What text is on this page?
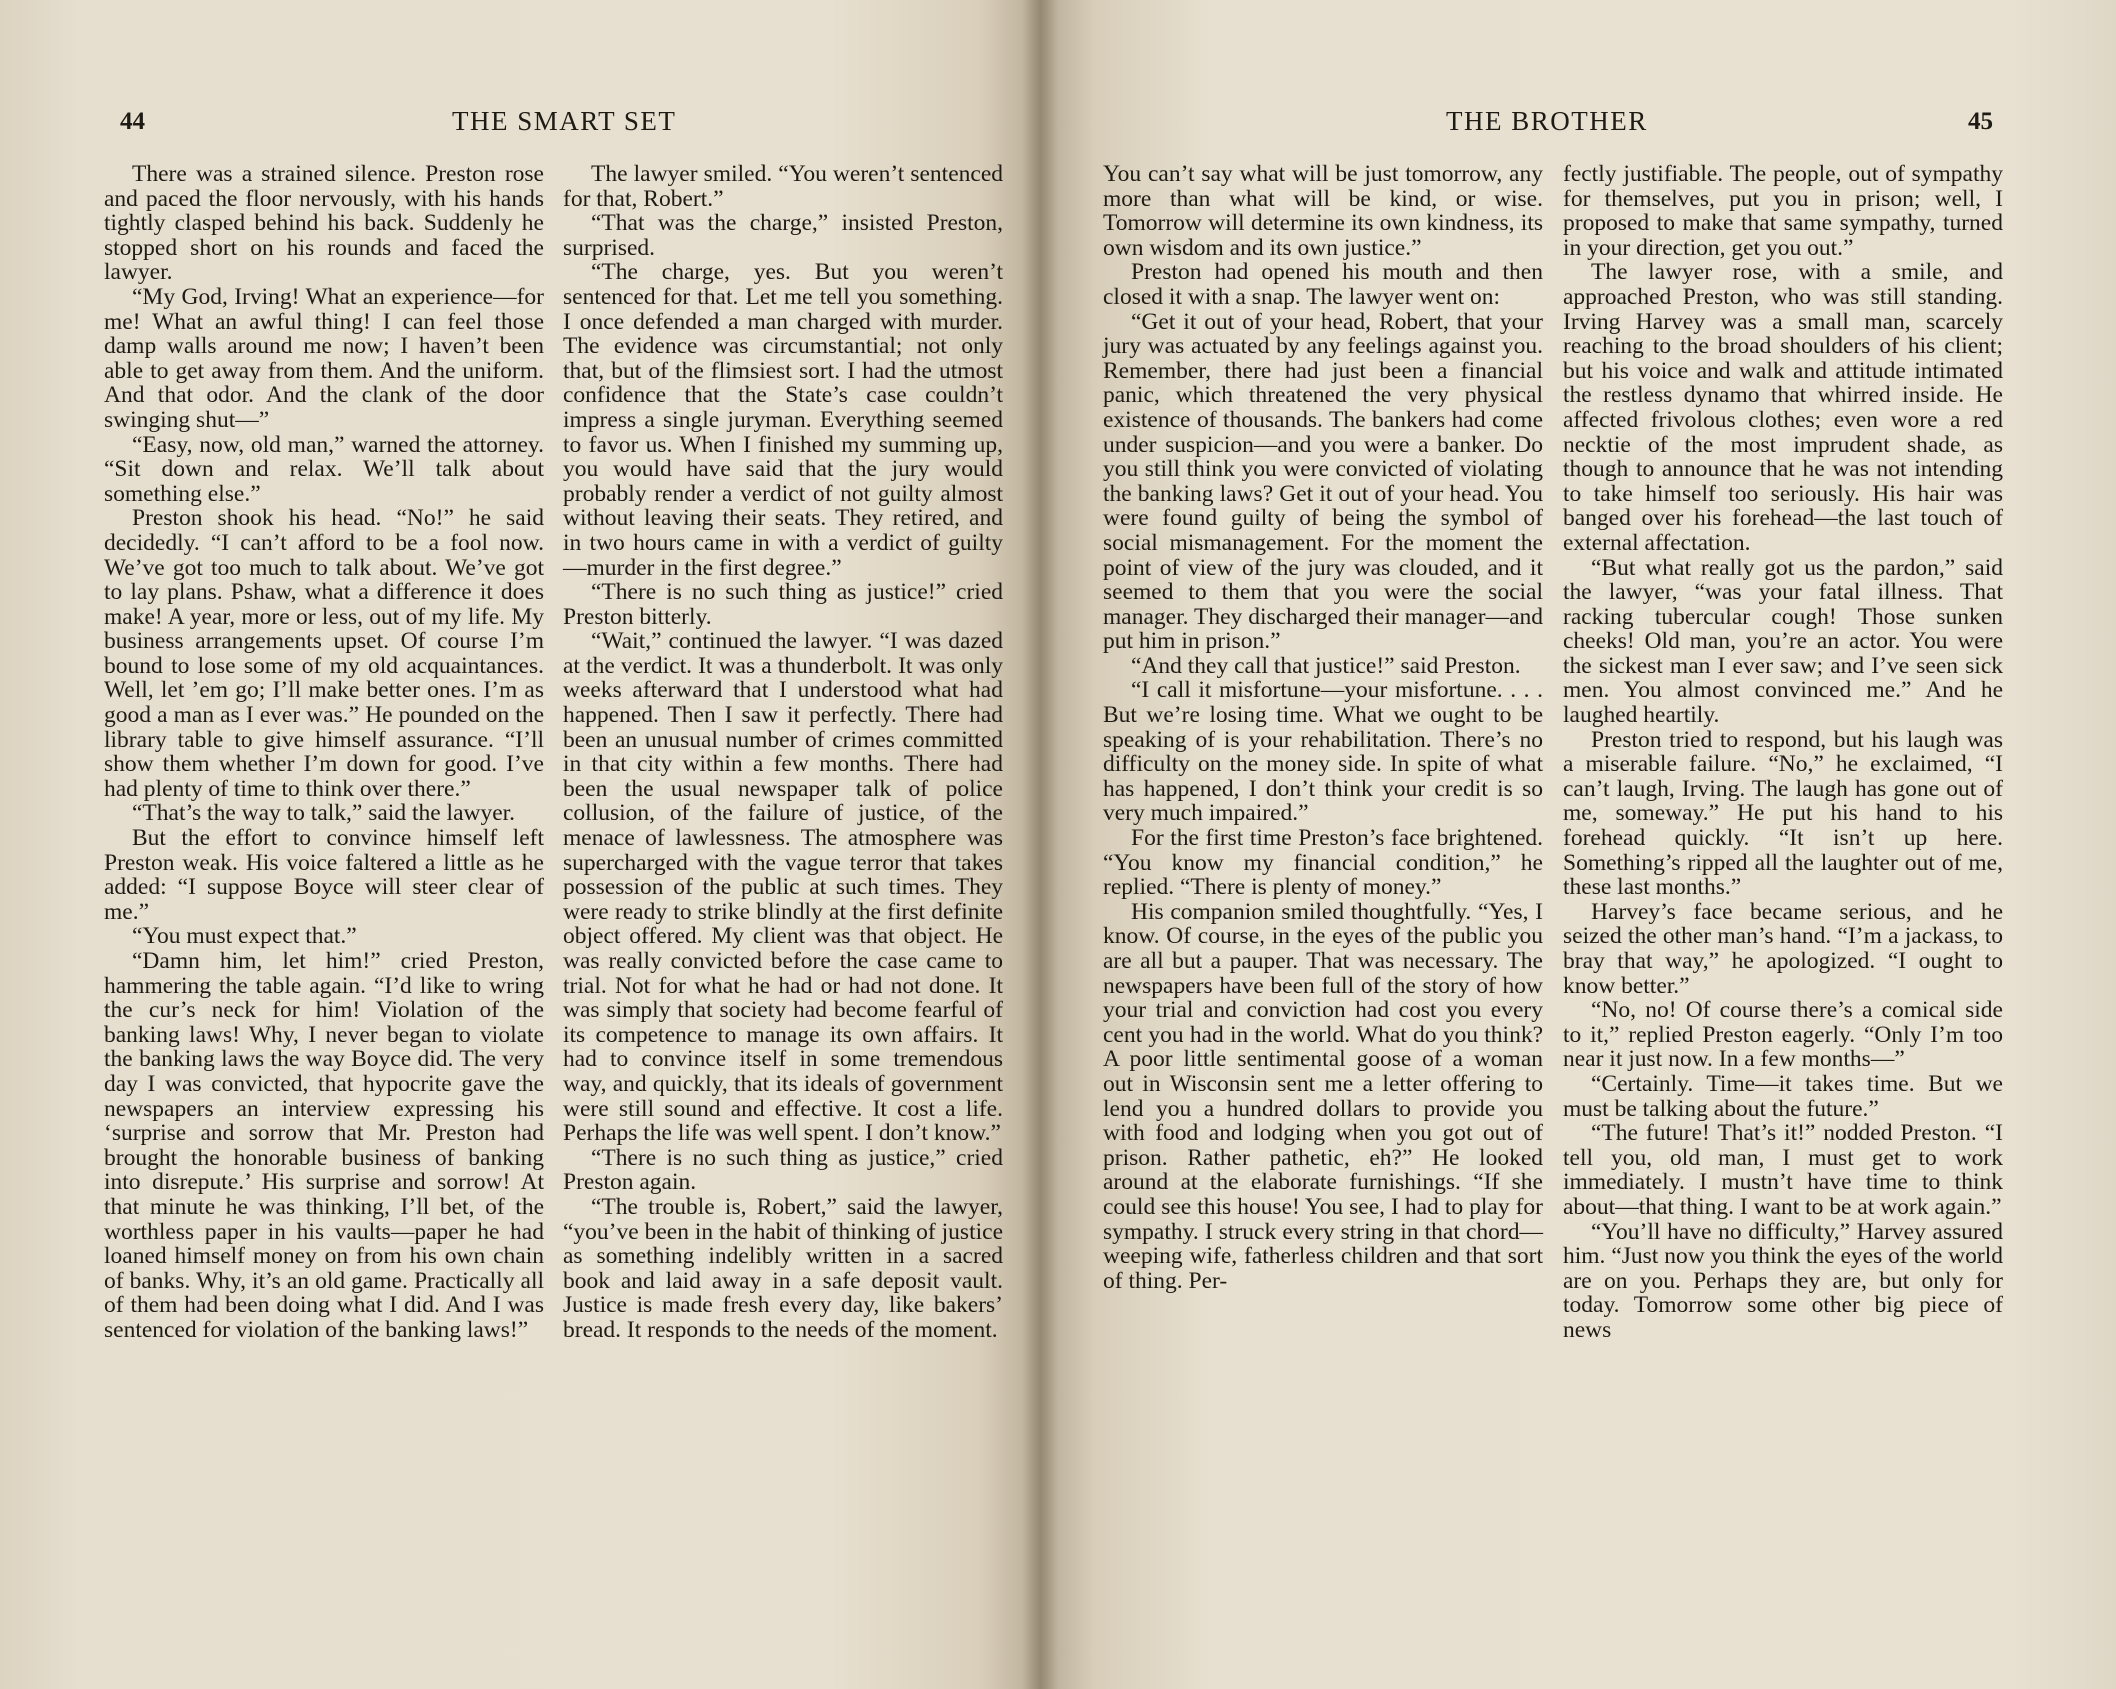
44	THE SMART SET

There was a strained silence. Preston rose and paced the floor nervously, with his hands tightly clasped behind his back. Suddenly he stopped short on his rounds and faced the lawyer.

“My God, Irving! What an experience—for me! What an awful thing! I can feel those damp walls around me now; I haven’t been able to get away from them. And the uniform. And that odor. And the clank of the door swinging shut—”

“Easy, now, old man,” warned the attorney. “Sit down and relax. We’ll talk about something else.”

Preston shook his head. “No!” he said decidedly. “I can’t afford to be a fool now. We’ve got too much to talk about. We’ve got to lay plans. Pshaw, what a difference it does make! A year, more or less, out of my life. My business arrangements upset. Of course I’m bound to lose some of my old acquaintances. Well, let ’em go; I’ll make better ones. I’m as good a man as I ever was.” He pounded on the library table to give himself assurance. “I’ll show them whether I’m down for good. I’ve had plenty of time to think over there.”

“That’s the way to talk,” said the lawyer.

But the effort to convince himself left Preston weak. His voice faltered a little as he added: “I suppose Boyce will steer clear of me.”

“You must expect that.”

“Damn him, let him!” cried Preston, hammering the table again. “I’d like to wring the cur’s neck for him! Violation of the banking laws! Why, I never began to violate the banking laws the way Boyce did. The very day I was convicted, that hypocrite gave the newspapers an interview expressing his ‘surprise and sorrow that Mr. Preston had brought the honorable business of banking into disrepute.’ His surprise and sorrow! At that minute he was thinking, I’ll bet, of the worthless paper in his vaults—paper he had loaned himself money on from his own chain of banks. Why, it’s an old game. Practically all of them had been doing what I did. And I was sentenced for violation of the banking laws!”

The lawyer smiled. “You weren’t sentenced for that, Robert.”

“That was the charge,” insisted Preston, surprised.

“The charge, yes. But you weren’t sentenced for that. Let me tell you something. I once defended a man charged with murder. The evidence was circumstantial; not only that, but of the flimsiest sort. I had the utmost confidence that the State’s case couldn’t impress a single juryman. Everything seemed to favor us. When I finished my summing up, you would have said that the jury would probably render a verdict of not guilty almost without leaving their seats. They retired, and in two hours came in with a verdict of guilty—murder in the first degree.”

“There is no such thing as justice!” cried Preston bitterly.

“Wait,” continued the lawyer. “I was dazed at the verdict. It was a thunderbolt. It was only weeks afterward that I understood what had happened. Then I saw it perfectly. There had been an unusual number of crimes committed in that city within a few months. There had been the usual newspaper talk of police collusion, of the failure of justice, of the menace of lawlessness. The atmosphere was supercharged with the vague terror that takes possession of the public at such times. They were ready to strike blindly at the first definite object offered. My client was that object. He was really convicted before the case came to trial. Not for what he had or had not done. It was simply that society had become fearful of its competence to manage its own affairs. It had to convince itself in some tremendous way, and quickly, that its ideals of government were still sound and effective. It cost a life. Perhaps the life was well spent. I don’t know.”

“There is no such thing as justice,” cried Preston again.

“The trouble is, Robert,” said the lawyer, “you’ve been in the habit of thinking of justice as something indelibly written in a sacred book and laid away in a safe deposit vault. Justice is made fresh every day, like bakers’ bread. It responds to the needs of the moment.

45
THE BROTHER

You can’t say what will be just tomorrow, any more than what will be kind, or wise. Tomorrow will determine its own kindness, its own wisdom and its own justice.”

Preston had opened his mouth and then closed it with a snap. The lawyer went on:

“Get it out of your head, Robert, that your jury was actuated by any feelings against you. Remember, there had just been a financial panic, which threatened the very physical existence of thousands. The bankers had come under suspicion—and you were a banker. Do you still think you were convicted of violating the banking laws? Get it out of your head. You were found guilty of being the symbol of social mismanagement. For the moment the point of view of the jury was clouded, and it seemed to them that you were the social manager. They discharged their manager—and put him in prison.”

“And they call that justice!” said Preston.

“I call it misfortune—your misfortune. . . . But we’re losing time. What we ought to be speaking of is your rehabilitation. There’s no difficulty on the money side. In spite of what has happened, I don’t think your credit is so very much impaired.”

For the first time Preston’s face brightened. “You know my financial condition,” he replied. “There is plenty of money.”

His companion smiled thoughtfully. “Yes, I know. Of course, in the eyes of the public you are all but a pauper. That was necessary. The newspapers have been full of the story of how your trial and conviction had cost you every cent you had in the world. What do you think? A poor little sentimental goose of a woman out in Wisconsin sent me a letter offering to lend you a hundred dollars to provide you with food and lodging when you got out of prison. Rather pathetic, eh?” He looked around at the elaborate furnishings. “If she could see this house! You see, I had to play for sympathy. I struck every string in that chord—weeping wife, fatherless children and that sort of thing. Per-

fectly justifiable. The people, out of sympathy for themselves, put you in prison; well, I proposed to make that same sympathy, turned in your direction, get you out.”

The lawyer rose, with a smile, and approached Preston, who was still standing. Irving Harvey was a small man, scarcely reaching to the broad shoulders of his client; but his voice and walk and attitude intimated the restless dynamo that whirred inside. He affected frivolous clothes; even wore a red necktie of the most imprudent shade, as though to announce that he was not intending to take himself too seriously. His hair was banged over his forehead—the last touch of external affectation.

“But what really got us the pardon,” said the lawyer, “was your fatal illness. That racking tubercular cough! Those sunken cheeks! Old man, you’re an actor. You were the sickest man I ever saw; and I’ve seen sick men. You almost convinced me.” And he laughed heartily.

Preston tried to respond, but his laugh was a miserable failure. “No,” he exclaimed, “I can’t laugh, Irving. The laugh has gone out of me, someway.” He put his hand to his forehead quickly. “It isn’t up here. Something’s ripped all the laughter out of me, these last months.”

Harvey’s face became serious, and he seized the other man’s hand. “I’m a jackass, to bray that way,” he apologized. “I ought to know better.”

“No, no! Of course there’s a comical side to it,” replied Preston eagerly. “Only I’m too near it just now. In a few months—”

“Certainly. Time—it takes time. But we must be talking about the future.”

“The future! That’s it!” nodded Preston. “I tell you, old man, I must get to work immediately. I mustn’t have time to think about—that thing. I want to be at work again.”

“You’ll have no difficulty,” Harvey assured him. “Just now you think the eyes of the world are on you. Perhaps they are, but only for today. Tomorrow some other big piece of news
